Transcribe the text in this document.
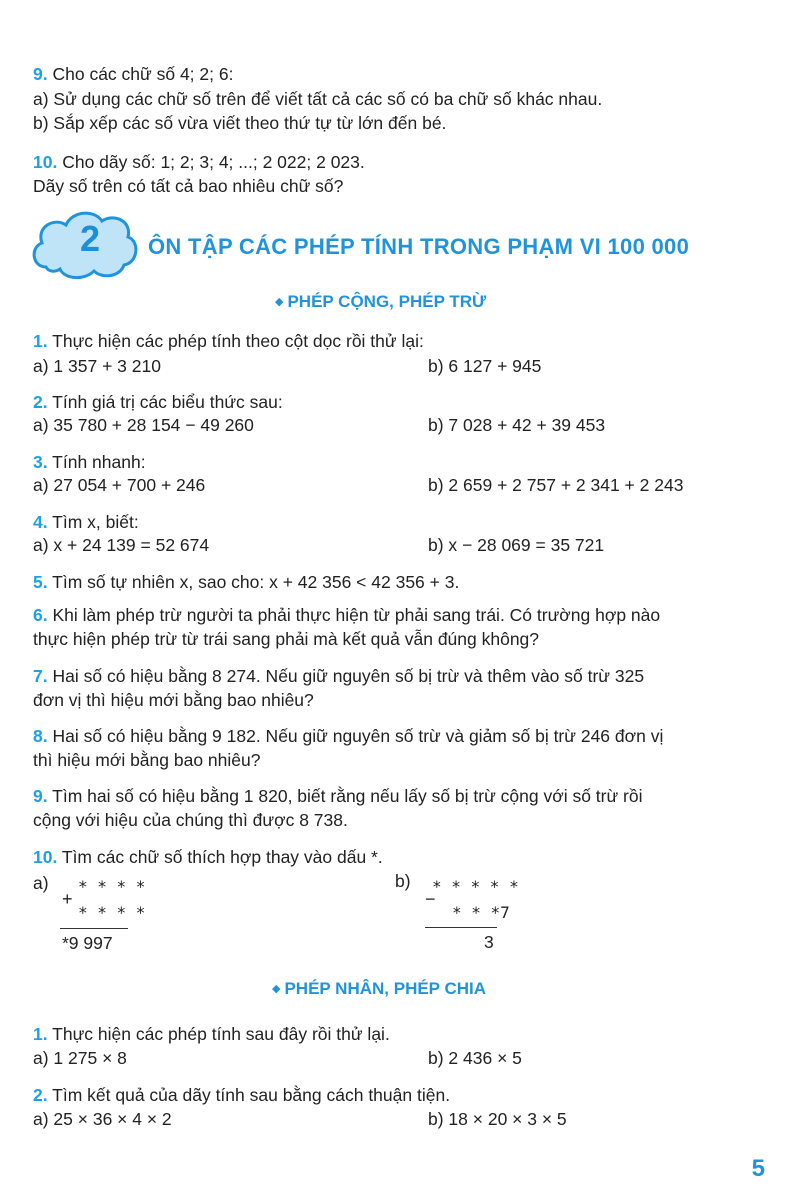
9. Cho các chữ số 4; 2; 6:
a) Sử dụng các chữ số trên để viết tất cả các số có ba chữ số khác nhau.
b) Sắp xếp các số vừa viết theo thứ tự từ lớn đến bé.
10. Cho dãy số: 1; 2; 3; 4; ...; 2 022; 2 023.
Dãy số trên có tất cả bao nhiêu chữ số?
2	ÔN TẬP CÁC PHÉP TÍNH TRONG PHẠM VI 100 000
◆ PHÉP CỘNG, PHÉP TRỪ
1. Thực hiện các phép tính theo cột dọc rồi thử lại:
a) 1 357 + 3 210	b) 6 127 + 945
2. Tính giá trị các biểu thức sau:
a) 35 780 + 28 154 − 49 260	b) 7 028 + 42 + 39 453
3. Tính nhanh:
a) 27 054 + 700 + 246	b) 2 659 + 2 757 + 2 341 + 2 243
4. Tìm x, biết:
a) x + 24 139 = 52 674	b) x − 28 069 = 35 721
5. Tìm số tự nhiên x, sao cho: x + 42 356 < 42 356 + 3.
6. Khi làm phép trừ người ta phải thực hiện từ phải sang trái. Có trường hợp nào
thực hiện phép trừ từ trái sang phải mà kết quả vẫn đúng không?
7. Hai số có hiệu bằng 8 274. Nếu giữ nguyên số bị trừ và thêm vào số trừ 325
đơn vị thì hiệu mới bằng bao nhiêu?
8. Hai số có hiệu bằng 9 182. Nếu giữ nguyên số trừ và giảm số bị trừ 246 đơn vị
thì hiệu mới bằng bao nhiêu?
9. Tìm hai số có hiệu bằng 1 820, biết rằng nếu lấy số bị trừ cộng với số trừ rồi
cộng với hiệu của chúng thì được 8 738.
10. Tìm các chữ số thích hợp thay vào dấu *.
a) * * * *
+
* * * *
*9 997
b) * * * * *
−
* * *7
3
◆ PHÉP NHÂN, PHÉP CHIA
1. Thực hiện các phép tính sau đây rồi thử lại.
a) 1 275 × 8	b) 2 436 × 5
2. Tìm kết quả của dãy tính sau bằng cách thuận tiện.
a) 25 × 36 × 4 × 2	b) 18 × 20 × 3 × 5
5
